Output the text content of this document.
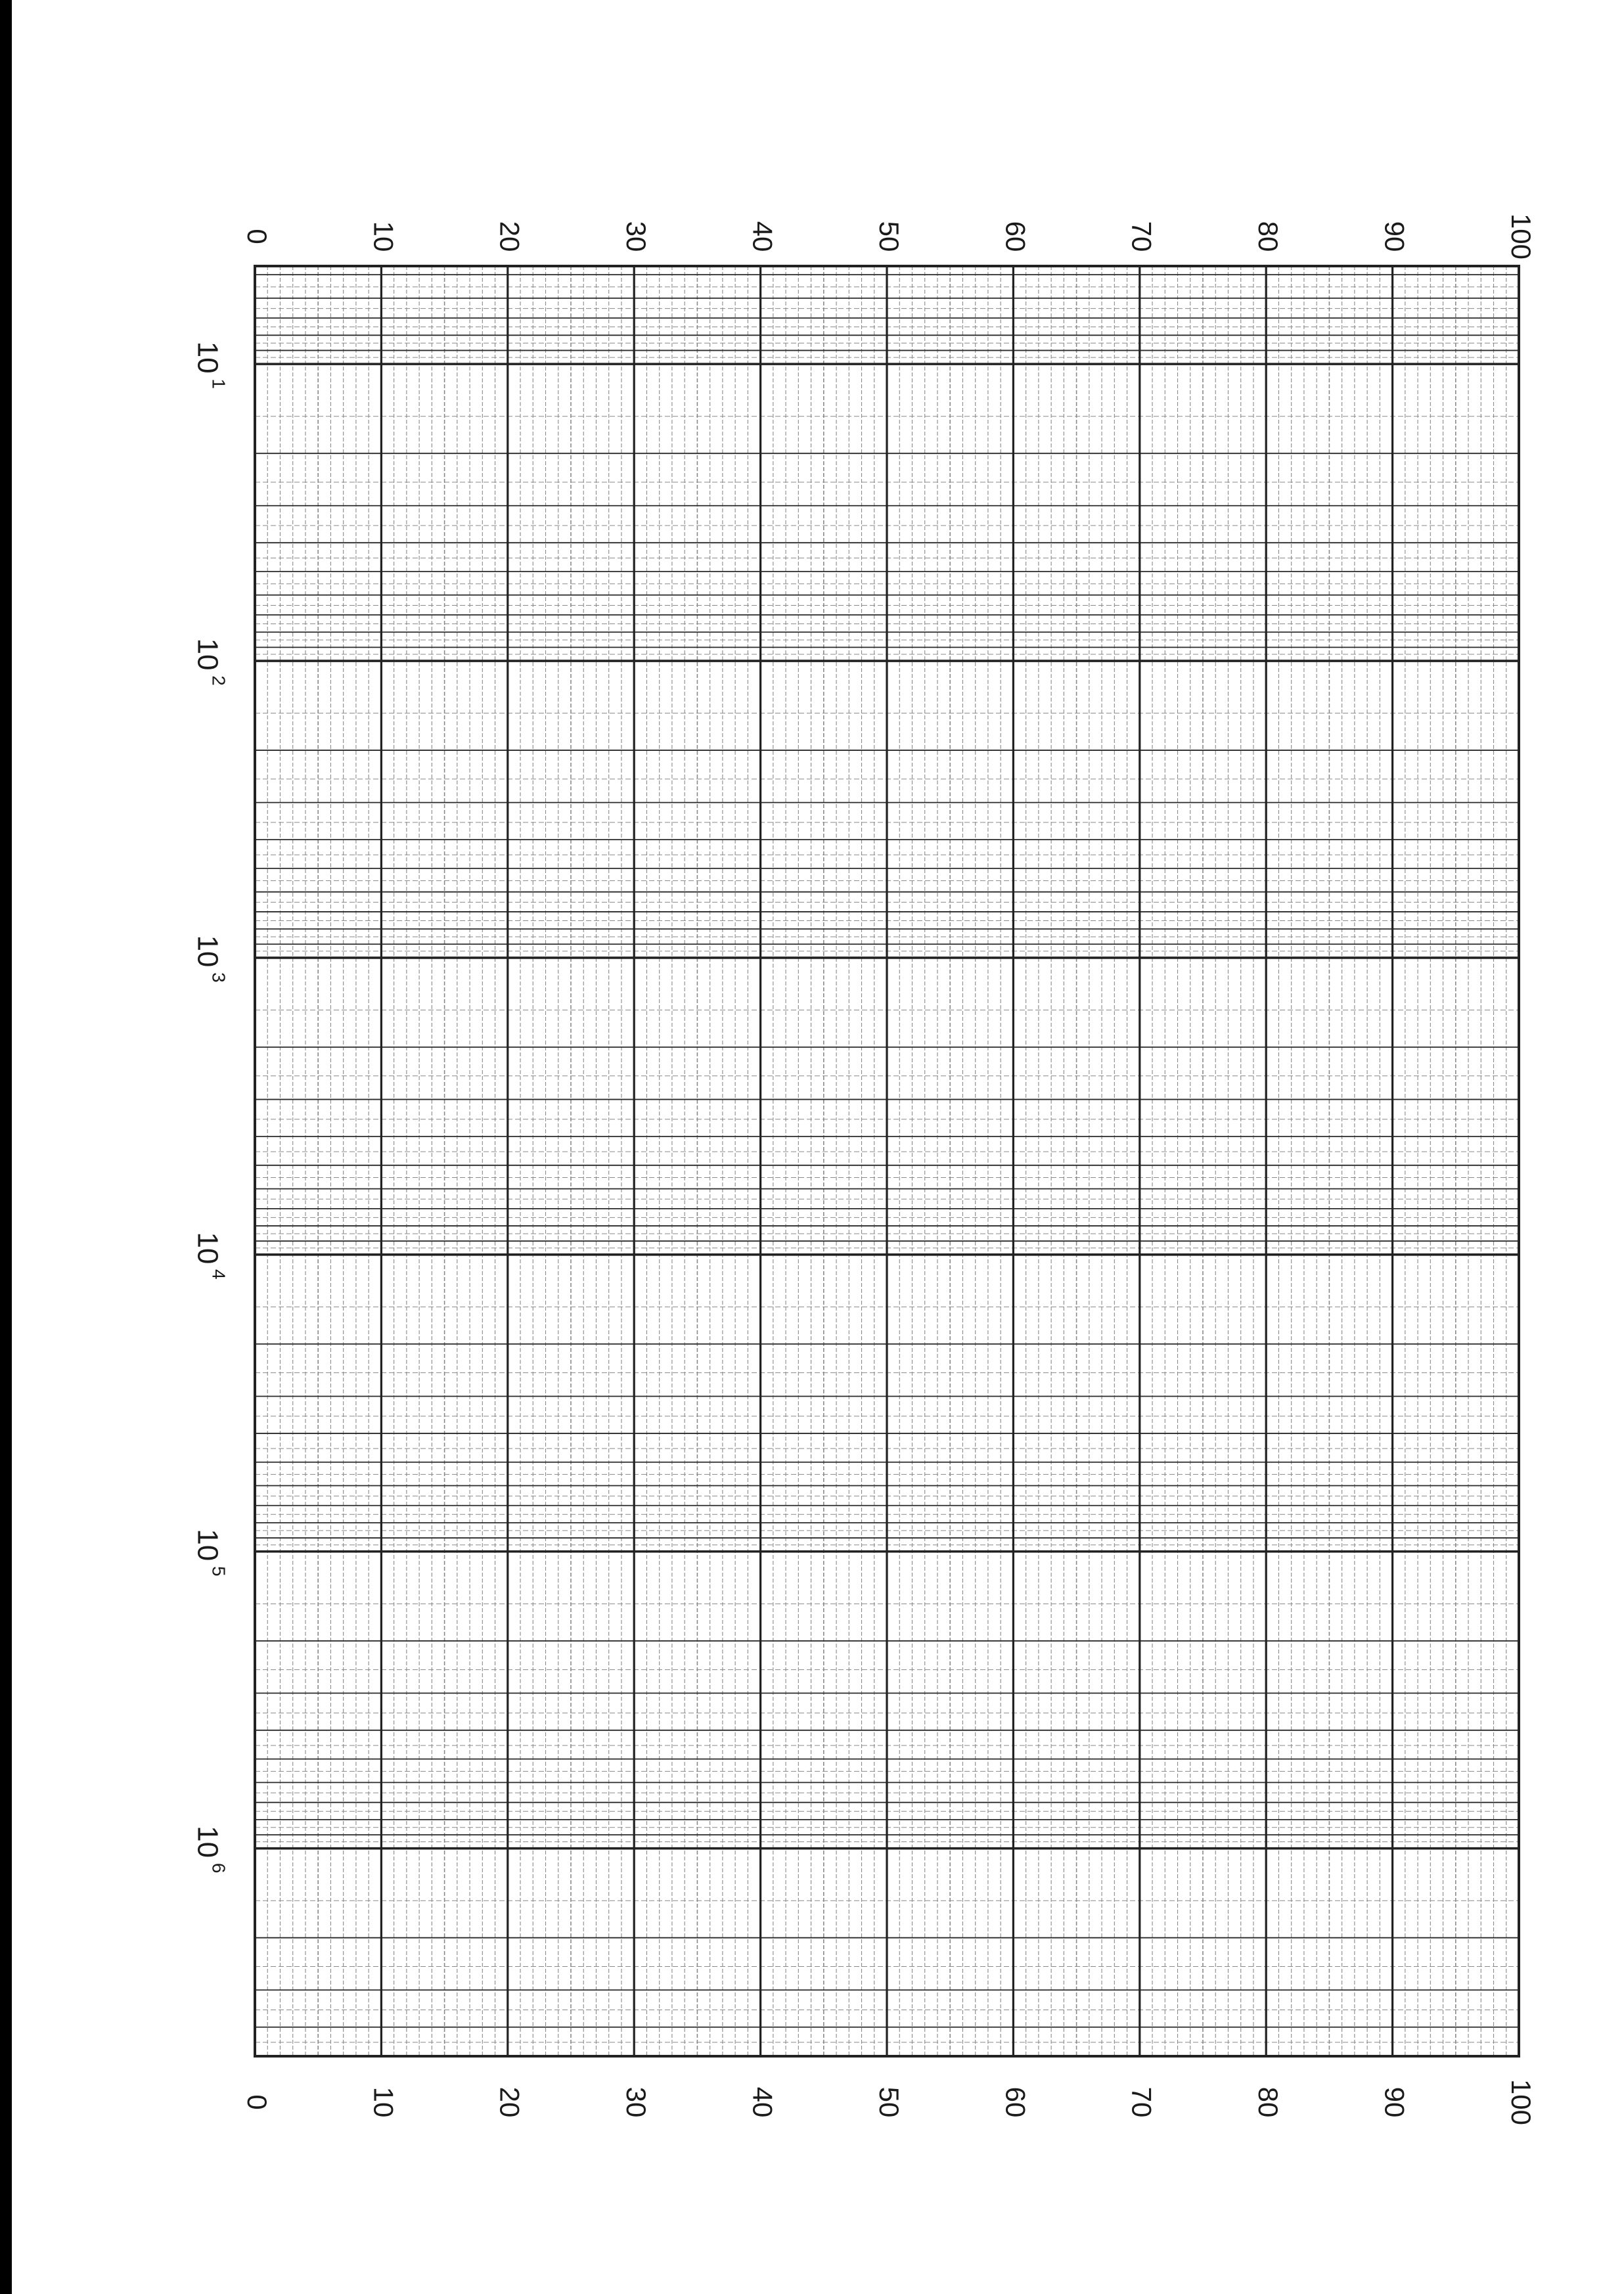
0	10	20	30	40	50	60	70	80	90	100
0	10	20	30	40	50	60	70	80	90	100
10
1
10
2
10
3
10
4
10
5
10
6
